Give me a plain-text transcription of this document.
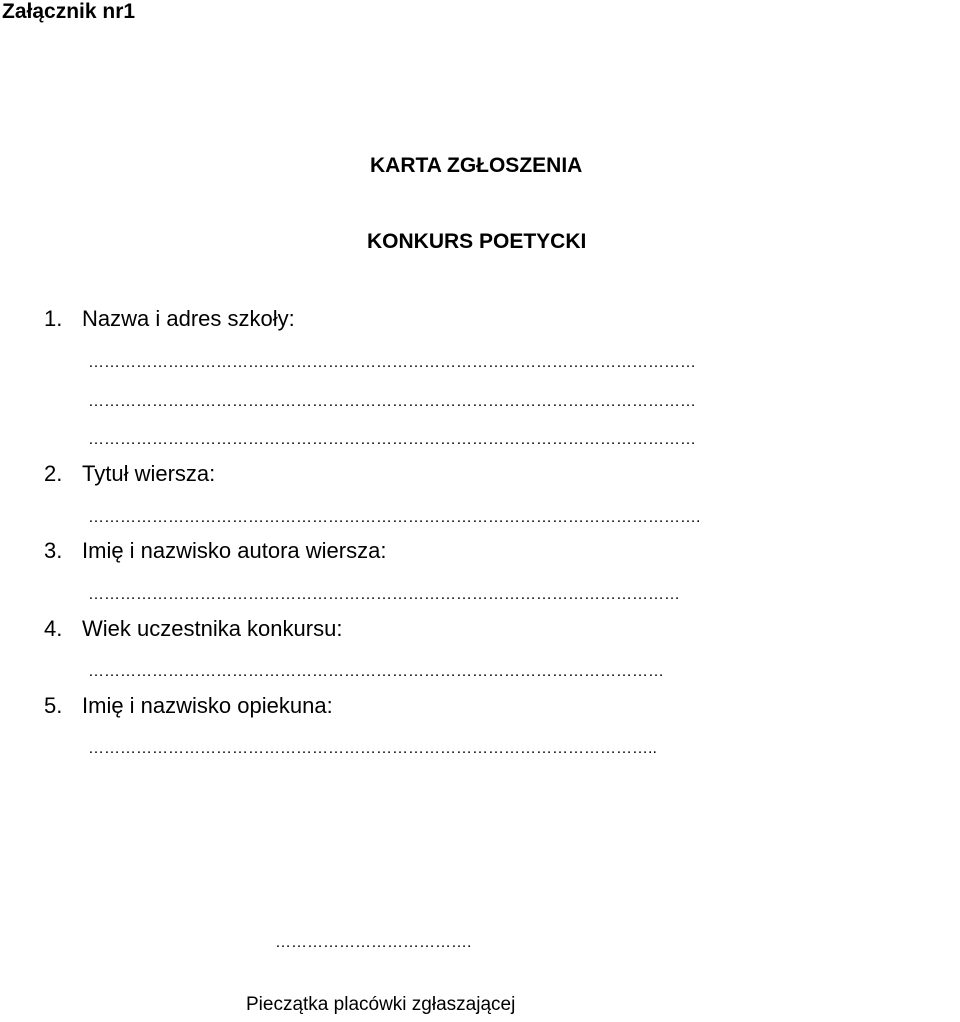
Załącznik nr1
KARTA ZGŁOSZENIA
KONKURS POETYCKI
1. Nazwa i adres szkoły:
……………………………………………………………………………………………………
……………………………………………………………………………………………………
……………………………………………………………………………………………………
2. Tytuł wiersza:
…………………………………………………………………………………………………….
3. Imię i nazwisko autora wiersza:
…………………………………………………………………………………………………
4. Wiek uczestnika konkursu:
………………………………………………………………………………………………
5. Imię i nazwisko opiekuna:
……………………………………………………………………………………………..
……………………………….
Pieczątka placówki zgłaszającej
